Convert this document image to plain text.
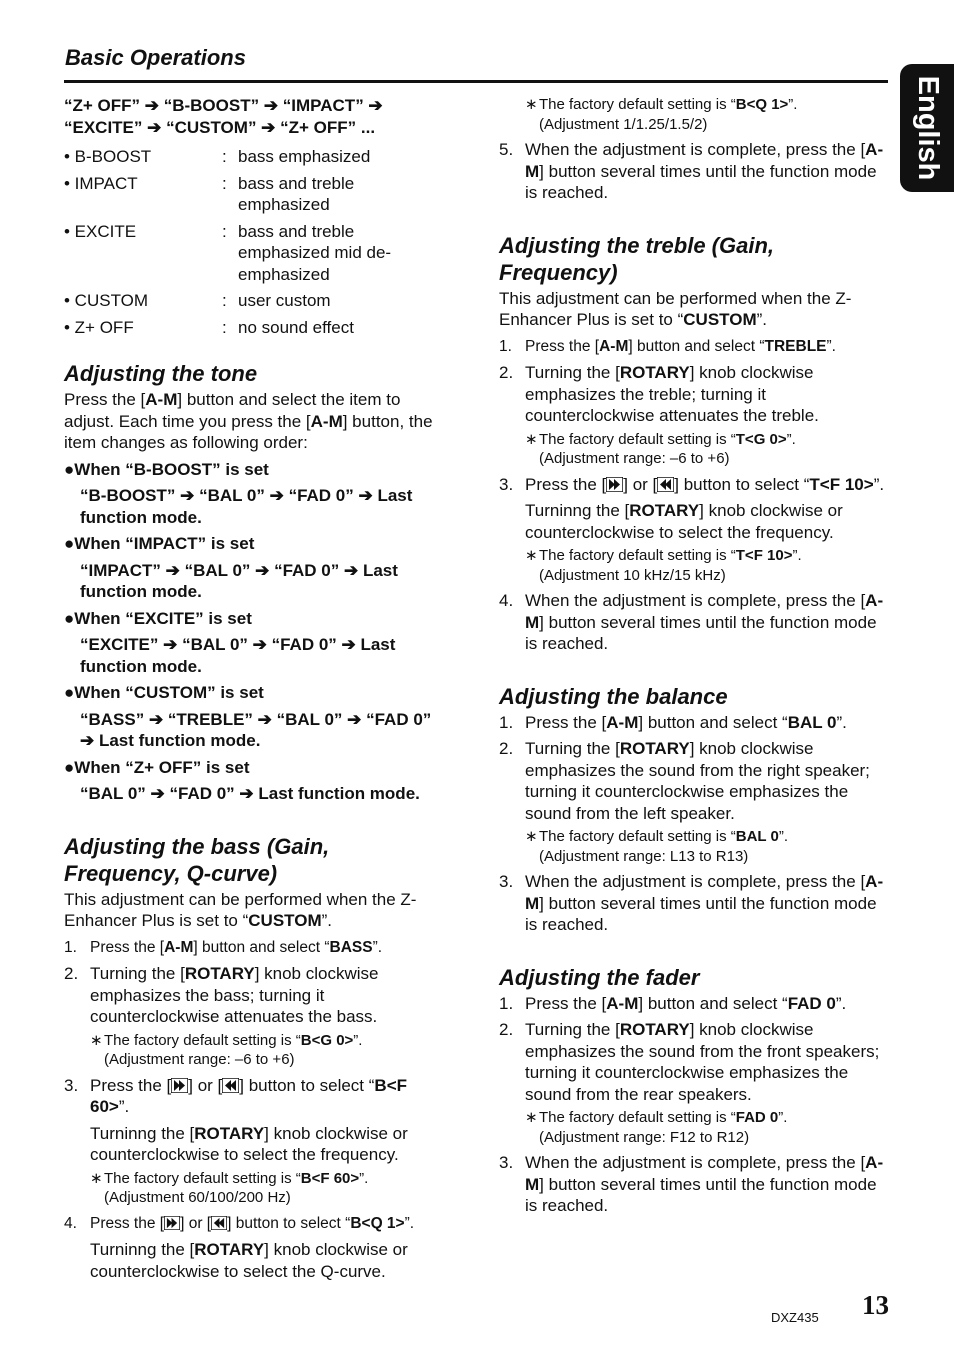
Basic Operations
English

“Z+ OFF” ➔ “B-BOOST” ➔ “IMPACT” ➔ “EXCITE” ➔ “CUSTOM” ➔ “Z+ OFF” ...

• B-BOOST	: bass emphasized
• IMPACT	: bass and treble emphasized
• EXCITE	: bass and treble emphasized mid de-emphasized
• CUSTOM	: user custom
• Z+ OFF	: no sound effect
Adjusting the tone

Press the [A-M] button and select the item to adjust. Each time you press the [A-M] button, the item changes as following order:

●When “B-BOOST” is set

“B-BOOST” ➔ “BAL 0” ➔ “FAD 0” ➔ Last function mode.

●When “IMPACT” is set

“IMPACT” ➔ “BAL 0” ➔ “FAD 0” ➔ Last function mode.

●When “EXCITE” is set

“EXCITE” ➔ “BAL 0” ➔ “FAD 0” ➔ Last function mode.

●When “CUSTOM” is set

“BASS” ➔ “TREBLE” ➔ “BAL 0” ➔ “FAD 0” ➔ Last function mode.

●When “Z+ OFF” is set

“BAL 0” ➔ “FAD 0” ➔ Last function mode.

Adjusting the bass (Gain, Frequency, Q-curve)

This adjustment can be performed when the Z-Enhancer Plus is set to “CUSTOM”.

1. Press the [A-M] button and select “BASS”.
2. Turning the [ROTARY] knob clockwise emphasizes the bass; turning it counterclockwise attenuates the bass.
∗ The factory default setting is “B<G 0>”.
(Adjustment range: –6 to +6)
3. Press the [ ] or [ ] button to select “B<F 60>”.

Turninng the [ROTARY] knob clockwise or counterclockwise to select the frequency.

∗ The factory default setting is “B<F 60>”.
(Adjustment 60/100/200 Hz)
4. Press the [ ] or [ ] button to select “B<Q 1>”.

Turninng the [ROTARY] knob clockwise or counterclockwise to select the Q-curve.

∗ The factory default setting is “B<Q 1>”.
(Adjustment 1/1.25/1.5/2)
5. When the adjustment is complete, press the [A-M] button several times until the function mode is reached.
Adjusting the treble (Gain, Frequency)

This adjustment can be performed when the Z-Enhancer Plus is set to “CUSTOM”.

1. Press the [A-M] button and select “TREBLE”.
2. Turning the [ROTARY] knob clockwise emphasizes the treble; turning it counterclockwise attenuates the treble.
∗ The factory default setting is “T<G 0>”.
(Adjustment range: –6 to +6)
3. Press the [ ] or [ ] button to select “T<F 10>”.

Turninng the [ROTARY] knob clockwise or counterclockwise to select the frequency.

∗ The factory default setting is “T<F 10>”.
(Adjustment 10 kHz/15 kHz)
4. When the adjustment is complete, press the [A-M] button several times until the function mode is reached.
Adjusting the balance
1. Press the [A-M] button and select “BAL 0”.
2. Turning the [ROTARY] knob clockwise emphasizes the sound from the right speaker; turning it counterclockwise emphasizes the sound from the left speaker.
∗ The factory default setting is “BAL 0”.
(Adjustment range: L13 to R13)
3. When the adjustment is complete, press the [A-M] button several times until the function mode is reached.
Adjusting the fader
1. Press the [A-M] button and select “FAD 0”.
2. Turning the [ROTARY] knob clockwise emphasizes the sound from the front speakers; turning it counterclockwise emphasizes the sound from the rear speakers.
∗ The factory default setting is “FAD 0”.
(Adjustment range: F12 to R12)
3. When the adjustment is complete, press the [A-M] button several times until the function mode is reached.
DXZ435 13
